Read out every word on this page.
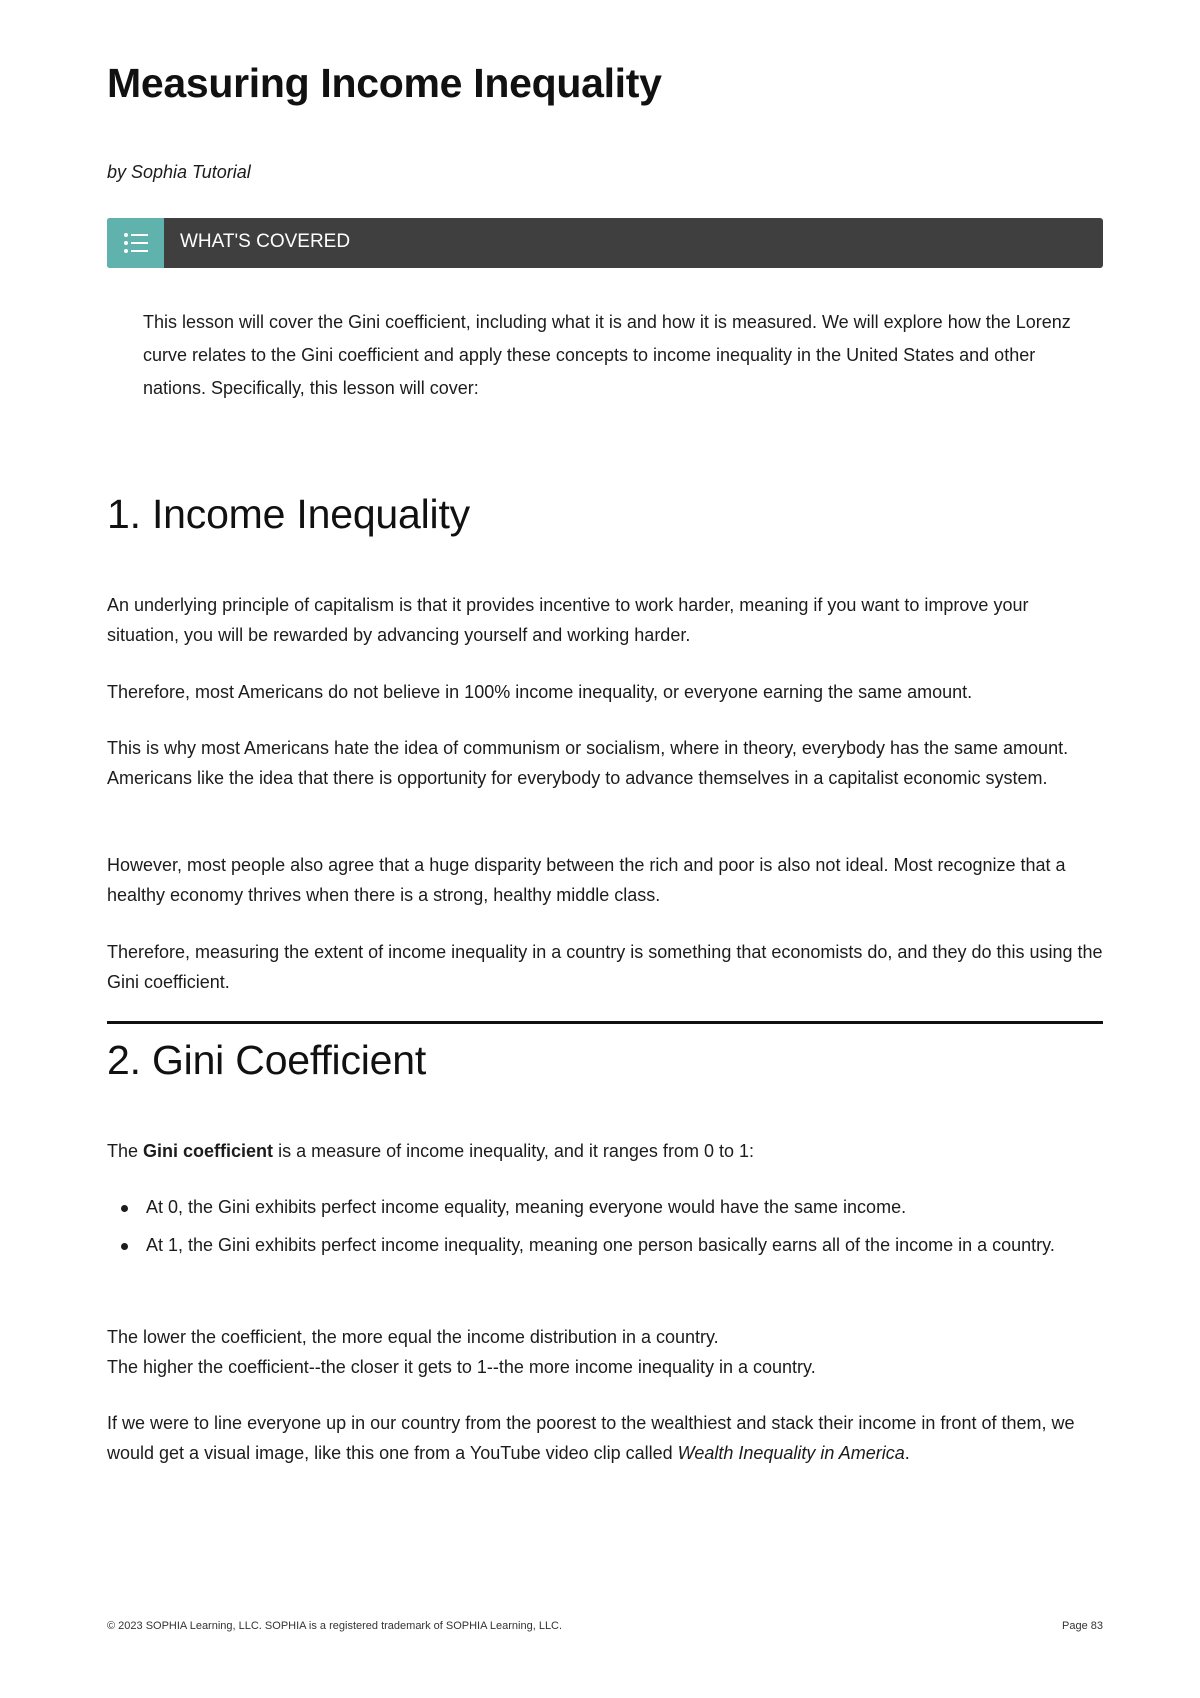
Measuring Income Inequality
by Sophia Tutorial
WHAT'S COVERED

This lesson will cover the Gini coefficient, including what it is and how it is measured. We will explore how the Lorenz curve relates to the Gini coefficient and apply these concepts to income inequality in the United States and other nations. Specifically, this lesson will cover:

1. Income Inequality

An underlying principle of capitalism is that it provides incentive to work harder, meaning if you want to improve your situation, you will be rewarded by advancing yourself and working harder.

Therefore, most Americans do not believe in 100% income inequality, or everyone earning the same amount.

This is why most Americans hate the idea of communism or socialism, where in theory, everybody has the same amount. Americans like the idea that there is opportunity for everybody to advance themselves in a capitalist economic system.

However, most people also agree that a huge disparity between the rich and poor is also not ideal. Most recognize that a healthy economy thrives when there is a strong, healthy middle class.

Therefore, measuring the extent of income inequality in a country is something that economists do, and they do this using the Gini coefficient.

2. Gini Coefficient

The Gini coefficient is a measure of income inequality, and it ranges from 0 to 1:

At 0, the Gini exhibits perfect income equality, meaning everyone would have the same income.
At 1, the Gini exhibits perfect income inequality, meaning one person basically earns all of the income in a country.

The lower the coefficient, the more equal the income distribution in a country.
The higher the coefficient--the closer it gets to 1--the more income inequality in a country.

If we were to line everyone up in our country from the poorest to the wealthiest and stack their income in front of them, we would get a visual image, like this one from a YouTube video clip called Wealth Inequality in America.

© 2023 SOPHIA Learning, LLC. SOPHIA is a registered trademark of SOPHIA Learning, LLC.	Page 83
